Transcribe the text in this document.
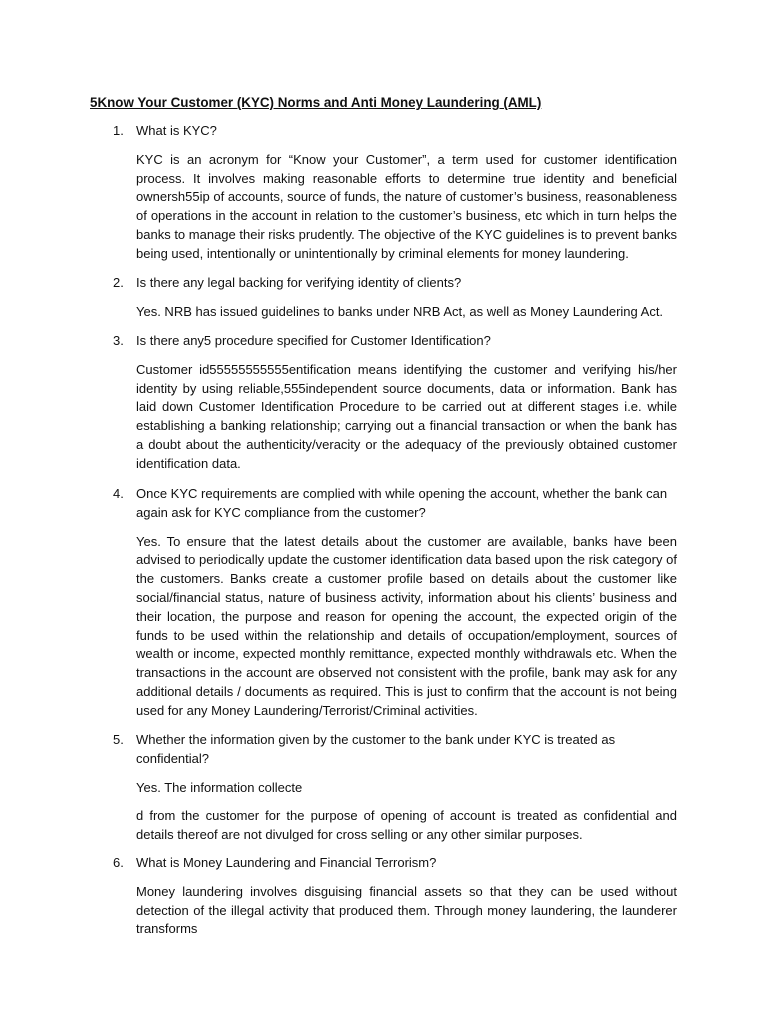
5Know Your Customer (KYC) Norms and Anti Money Laundering (AML)
1. What is KYC?

KYC is an acronym for “Know your Customer”, a term used for customer identification process. It involves making reasonable efforts to determine true identity and beneficial ownersh55ip of accounts, source of funds, the nature of customer’s business, reasonableness of operations in the account in relation to the customer’s business, etc which in turn helps the banks to manage their risks prudently. The objective of the KYC guidelines is to prevent banks being used, intentionally or unintentionally by criminal elements for money laundering.

2. Is there any legal backing for verifying identity of clients?

Yes. NRB has issued guidelines to banks under NRB Act, as well as Money Laundering Act.

3. Is there any5 procedure specified for Customer Identification?

Customer id55555555555entification means identifying the customer and verifying his/her identity by using reliable,555independent source documents, data or information. Bank has laid down Customer Identification Procedure to be carried out at different stages i.e. while establishing a banking relationship; carrying out a financial transaction or when the bank has a doubt about the authenticity/veracity or the adequacy of the previously obtained customer identification data.

4. Once KYC requirements are complied with while opening the account, whether the bank can again ask for KYC compliance from the customer?

Yes. To ensure that the latest details about the customer are available, banks have been advised to periodically update the customer identification data based upon the risk category of the customers. Banks create a customer profile based on details about the customer like social/financial status, nature of business activity, information about his clients’ business and their location, the purpose and reason for opening the account, the expected origin of the funds to be used within the relationship and details of occupation/employment, sources of wealth or income, expected monthly remittance, expected monthly withdrawals etc. When the transactions in the account are observed not consistent with the profile, bank may ask for any additional details / documents as required. This is just to confirm that the account is not being used for any Money Laundering/Terrorist/Criminal activities.

5. Whether the information given by the customer to the bank under KYC is treated as confidential?

Yes. The information collecte

d from the customer for the purpose of opening of account is treated as confidential and details thereof are not divulged for cross selling or any other similar purposes.

6. What is Money Laundering and Financial Terrorism?

Money laundering involves disguising financial assets so that they can be used without detection of the illegal activity that produced them. Through money laundering, the launderer transforms
